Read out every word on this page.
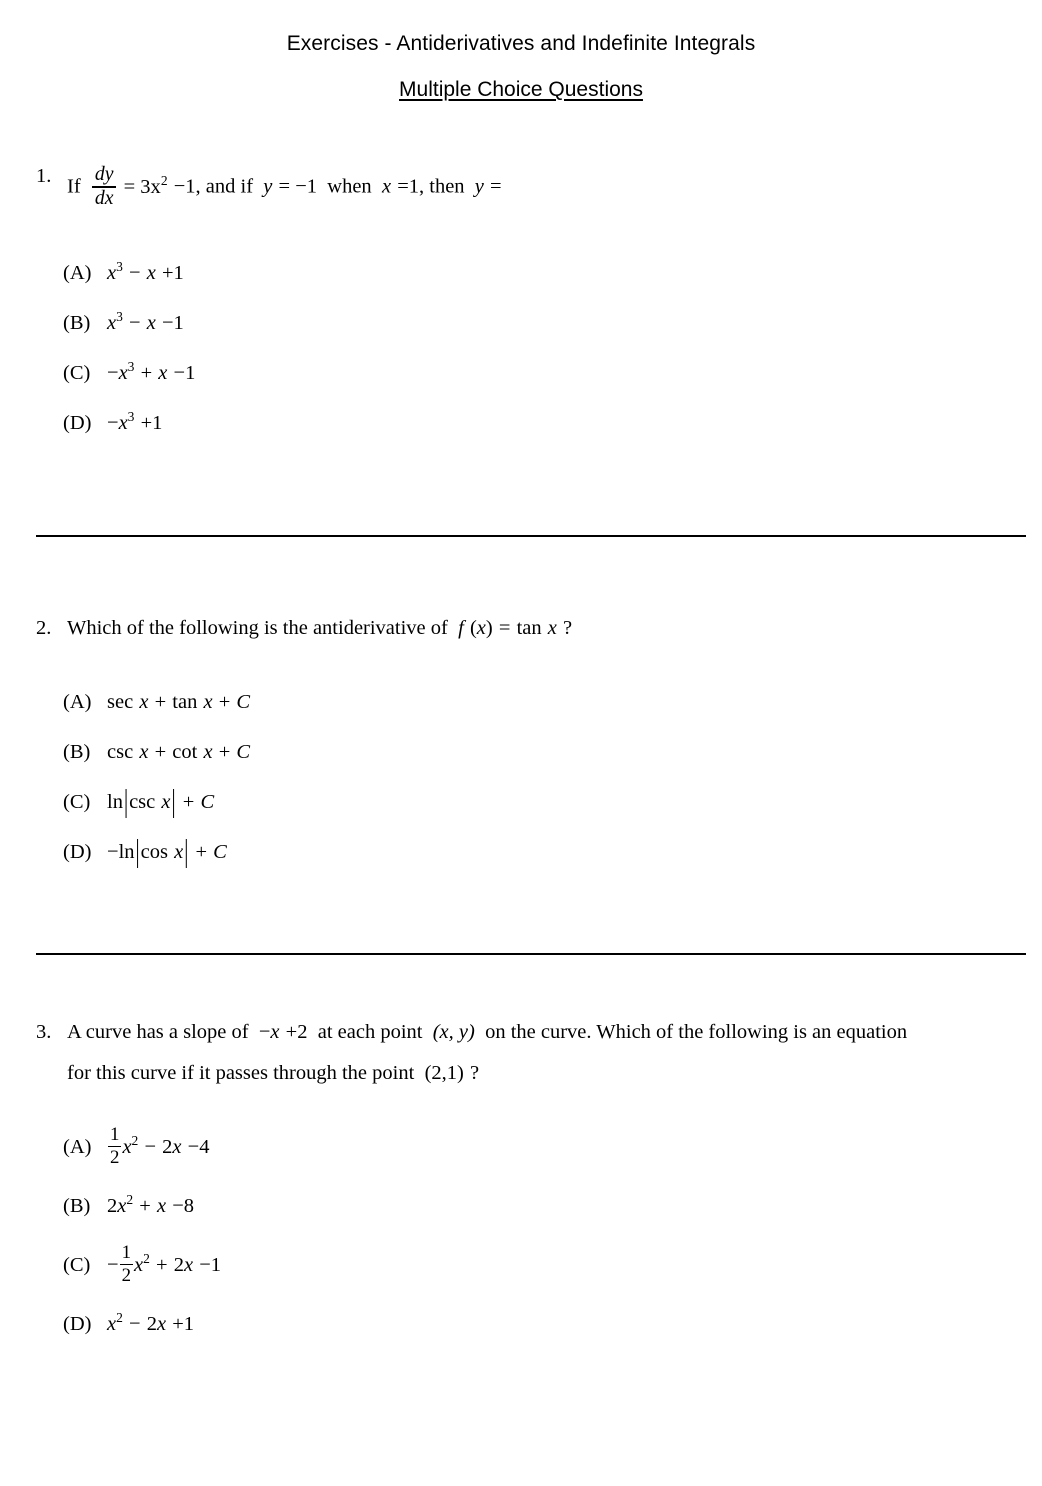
Exercises - Antiderivatives and Indefinite Integrals
Multiple Choice Questions
1. If $\frac{dy}{dx} = 3x^2 -1$, and if y = −1 when x =1, then y =
(A) $x^3 - x +1$
(B) $x^3 - x -1$
$(C) -x^3 + x -1$
$(D) -x^3 +1$
2. Which of the following is the antiderivative of f (x) = tan x ?
(A) sec x + tan x + C
(B) csc x + cot x + C
(C) ln|csc x| + C
(D) −ln|cos x| + C
3. A curve has a slope of −x +2 at each point (x, y) on the curve. Which of the following is an equation
for this curve if it passes through the point (2,1) ?
$(A) \frac{1}{2} x^2 - 2x -4$
(B) $2x^2 + x -8$
$(C) - \frac{1}{2} x^2 + 2x -1$
(D) $x^2 - 2x +1$
